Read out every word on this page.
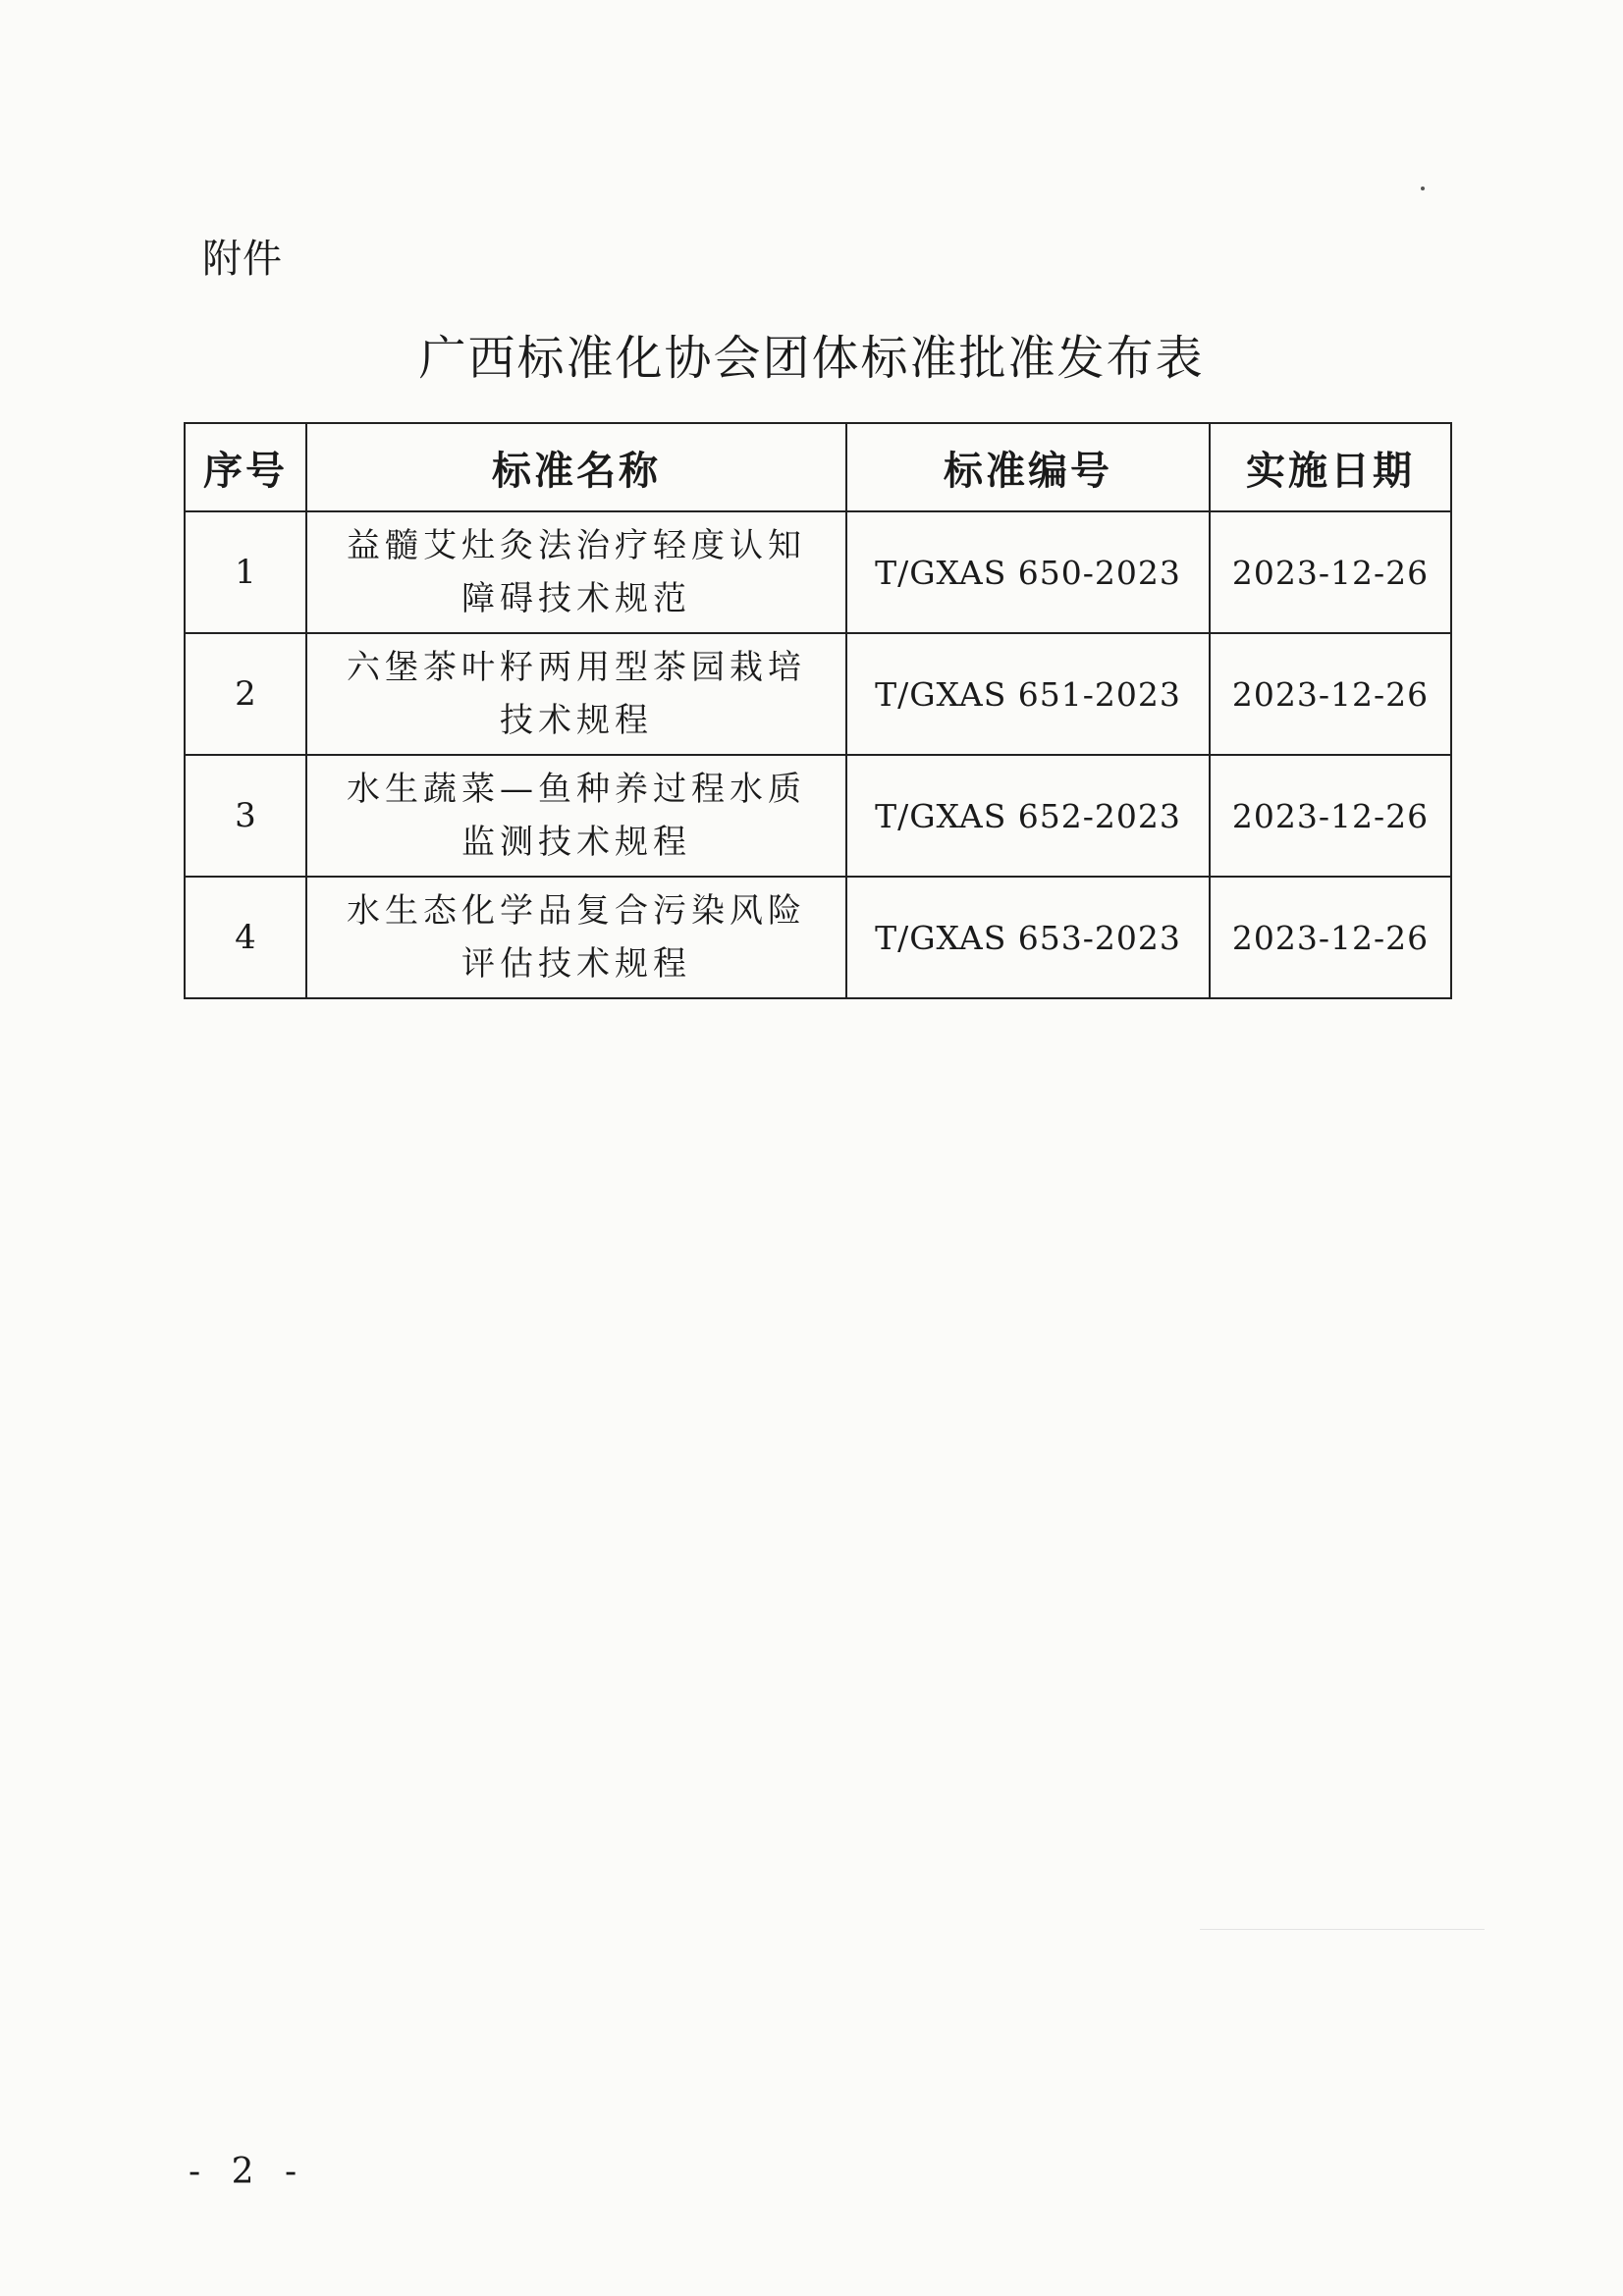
附件
广西标准化协会团体标准批准发布表
序号	标准名称	标准编号	实施日期
1	益髓艾灶灸法治疗轻度认知
障碍技术规范	T/GXAS 650-2023	2023-12-26
2	六堡茶叶籽两用型茶园栽培
技术规程	T/GXAS 651-2023	2023-12-26
3	水生蔬菜—鱼种养过程水质
监测技术规程	T/GXAS 652-2023	2023-12-26
4	水生态化学品复合污染风险
评估技术规程	T/GXAS 653-2023	2023-12-26
- 2 -
